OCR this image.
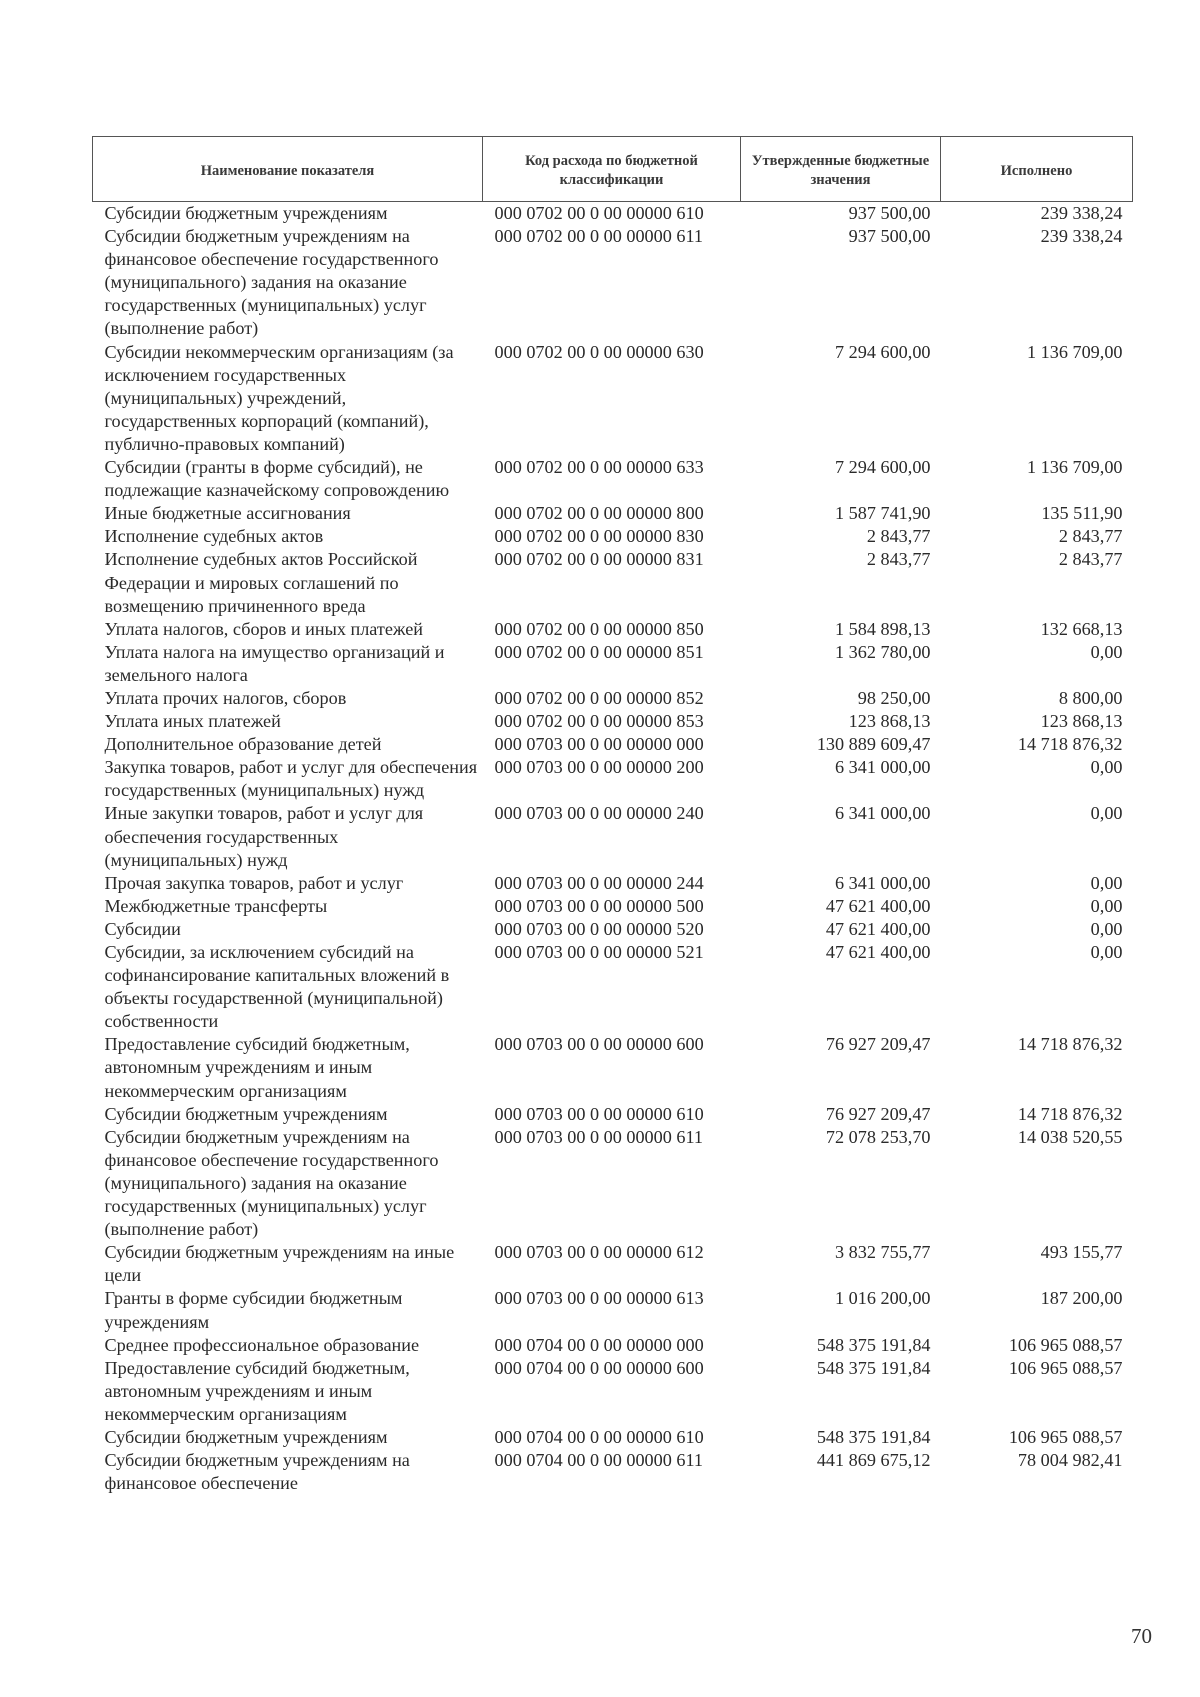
Наименование показателя	Код расхода по бюджетной классификации	Утвержденные бюджетные значения	Исполнено
Субсидии бюджетным учреждениям	000 0702 00 0 00 00000 610	937 500,00	239 338,24
Субсидии бюджетным учреждениям на финансовое обеспечение государственного (муниципального) задания на оказание государственных (муниципальных) услуг (выполнение работ)	000 0702 00 0 00 00000 611	937 500,00	239 338,24
Субсидии некоммерческим организациям (за исключением государственных (муниципальных) учреждений, государственных корпораций (компаний), публично-правовых компаний)	000 0702 00 0 00 00000 630	7 294 600,00	1 136 709,00
Субсидии (гранты в форме субсидий), не подлежащие казначейскому сопровождению	000 0702 00 0 00 00000 633	7 294 600,00	1 136 709,00
Иные бюджетные ассигнования	000 0702 00 0 00 00000 800	1 587 741,90	135 511,90
Исполнение судебных актов	000 0702 00 0 00 00000 830	2 843,77	2 843,77
Исполнение судебных актов Российской Федерации и мировых соглашений по возмещению причиненного вреда	000 0702 00 0 00 00000 831	2 843,77	2 843,77
Уплата налогов, сборов и иных платежей	000 0702 00 0 00 00000 850	1 584 898,13	132 668,13
Уплата налога на имущество организаций и земельного налога	000 0702 00 0 00 00000 851	1 362 780,00	0,00
Уплата прочих налогов, сборов	000 0702 00 0 00 00000 852	98 250,00	8 800,00
Уплата иных платежей	000 0702 00 0 00 00000 853	123 868,13	123 868,13
Дополнительное образование детей	000 0703 00 0 00 00000 000	130 889 609,47	14 718 876,32
Закупка товаров, работ и услуг для обеспечения государственных (муниципальных) нужд	000 0703 00 0 00 00000 200	6 341 000,00	0,00
Иные закупки товаров, работ и услуг для обеспечения государственных (муниципальных) нужд	000 0703 00 0 00 00000 240	6 341 000,00	0,00
Прочая закупка товаров, работ и услуг	000 0703 00 0 00 00000 244	6 341 000,00	0,00
Межбюджетные трансферты	000 0703 00 0 00 00000 500	47 621 400,00	0,00
Субсидии	000 0703 00 0 00 00000 520	47 621 400,00	0,00
Субсидии, за исключением субсидий на софинансирование капитальных вложений в объекты государственной (муниципальной) собственности	000 0703 00 0 00 00000 521	47 621 400,00	0,00
Предоставление субсидий бюджетным, автономным учреждениям и иным некоммерческим организациям	000 0703 00 0 00 00000 600	76 927 209,47	14 718 876,32
Субсидии бюджетным учреждениям	000 0703 00 0 00 00000 610	76 927 209,47	14 718 876,32
Субсидии бюджетным учреждениям на финансовое обеспечение государственного (муниципального) задания на оказание государственных (муниципальных) услуг (выполнение работ)	000 0703 00 0 00 00000 611	72 078 253,70	14 038 520,55
Субсидии бюджетным учреждениям на иные цели	000 0703 00 0 00 00000 612	3 832 755,77	493 155,77
Гранты в форме субсидии бюджетным учреждениям	000 0703 00 0 00 00000 613	1 016 200,00	187 200,00
Среднее профессиональное образование	000 0704 00 0 00 00000 000	548 375 191,84	106 965 088,57
Предоставление субсидий бюджетным, автономным учреждениям и иным некоммерческим организациям	000 0704 00 0 00 00000 600	548 375 191,84	106 965 088,57
Субсидии бюджетным учреждениям	000 0704 00 0 00 00000 610	548 375 191,84	106 965 088,57
Субсидии бюджетным учреждениям на финансовое обеспечение	000 0704 00 0 00 00000 611	441 869 675,12	78 004 982,41
70
